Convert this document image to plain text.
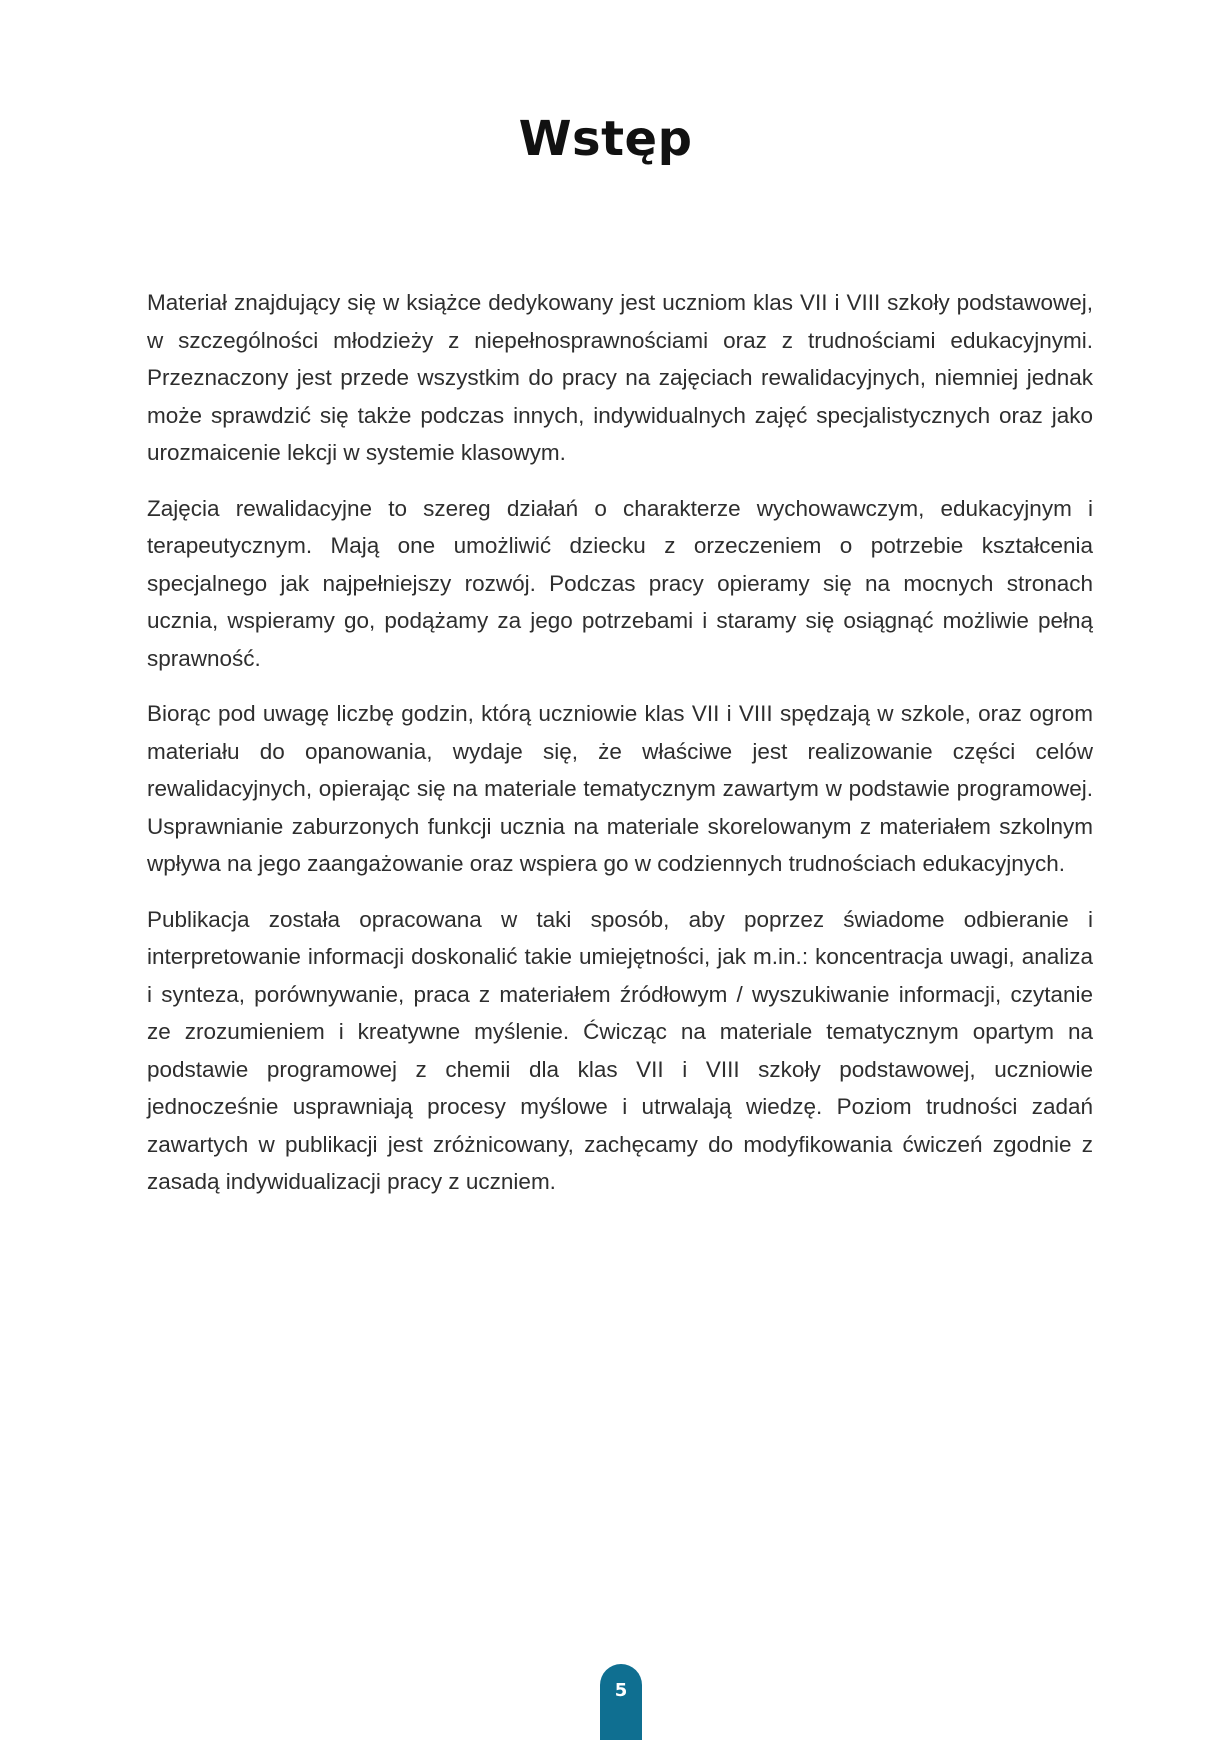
Wstęp

Materiał znajdujący się w książce dedykowany jest uczniom klas VII i VIII szkoły podstawowej, w szczególności młodzieży z niepełnosprawnościami oraz z trudnościami edukacyjnymi. Przeznaczony jest przede wszystkim do pracy na zajęciach rewalidacyjnych, niemniej jednak może sprawdzić się także podczas innych, indywidualnych zajęć specjalistycznych oraz jako urozmaicenie lekcji w systemie klasowym.

Zajęcia rewalidacyjne to szereg działań o charakterze wychowawczym, edukacyjnym i terapeutycznym. Mają one umożliwić dziecku z orzeczeniem o potrzebie kształcenia specjalnego jak najpełniejszy rozwój. Podczas pracy opieramy się na mocnych stronach ucznia, wspieramy go, podążamy za jego potrzebami i staramy się osiągnąć możliwie pełną sprawność.

Biorąc pod uwagę liczbę godzin, którą uczniowie klas VII i VIII spędzają w szkole, oraz ogrom materiału do opanowania, wydaje się, że właściwe jest realizowanie części celów rewalidacyjnych, opierając się na materiale tematycznym zawartym w podstawie programowej. Usprawnianie zaburzonych funkcji ucznia na materiale skorelowanym z materiałem szkolnym wpływa na jego zaangażowanie oraz wspiera go w codziennych trudnościach edukacyjnych.

Publikacja została opracowana w taki sposób, aby poprzez świadome odbieranie i interpretowanie informacji doskonalić takie umiejętności, jak m.in.: koncentracja uwagi, analiza i synteza, porównywanie, praca z materiałem źródłowym / wyszukiwanie informacji, czytanie ze zrozumieniem i kreatywne myślenie. Ćwicząc na materiale tematycznym opartym na podstawie programowej z chemii dla klas VII i VIII szkoły podstawowej, uczniowie jednocześnie usprawniają procesy myślowe i utrwalają wiedzę. Poziom trudności zadań zawartych w publikacji jest zróżnicowany, zachęcamy do modyfikowania ćwiczeń zgodnie z zasadą indywidualizacji pracy z uczniem.

5
